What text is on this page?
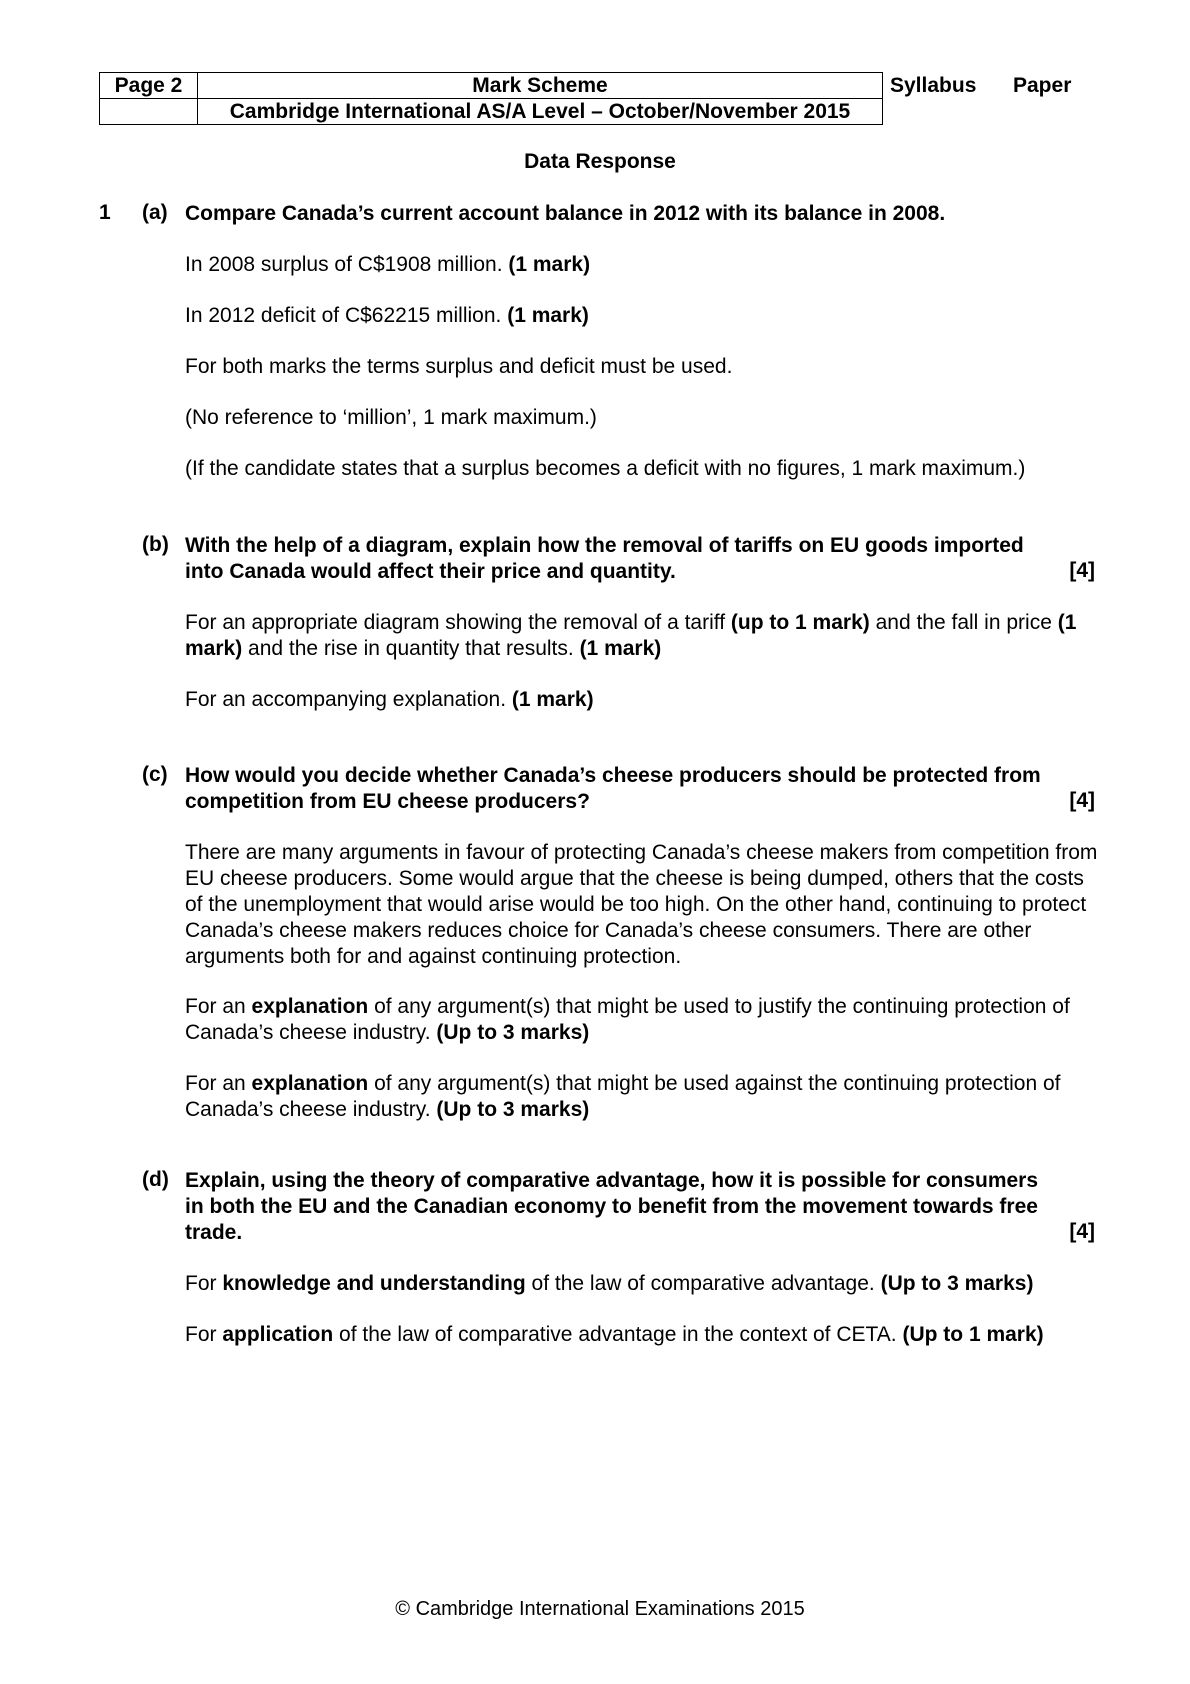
Page 2	Mark Scheme
	Cambridge International AS/A Level – October/November 2015
Syllabus Paper
Data Response
1 (a) Compare Canada’s current account balance in 2012 with its balance in 2008.
In 2008 surplus of C$1908 million. (1 mark)
In 2012 deficit of C$62215 million. (1 mark)
For both marks the terms surplus and deficit must be used.
(No reference to ‘million’, 1 mark maximum.)
(If the candidate states that a surplus becomes a deficit with no figures, 1 mark maximum.)
(b) With the help of a diagram, explain how the removal of tariffs on EU goods imported
into Canada would affect their price and quantity.	[4]
For an appropriate diagram showing the removal of a tariff (up to 1 mark) and the fall in price (1 mark) and the rise in quantity that results. (1 mark)
For an accompanying explanation. (1 mark)
(c) How would you decide whether Canada’s cheese producers should be protected from
competition from EU cheese producers?	[4]
There are many arguments in favour of protecting Canada’s cheese makers from competition from EU cheese producers. Some would argue that the cheese is being dumped, others that the costs of the unemployment that would arise would be too high. On the other hand, continuing to protect Canada’s cheese makers reduces choice for Canada’s cheese consumers. There are other arguments both for and against continuing protection.
For an explanation of any argument(s) that might be used to justify the continuing protection of Canada’s cheese industry. (Up to 3 marks)
For an explanation of any argument(s) that might be used against the continuing protection of Canada’s cheese industry. (Up to 3 marks)
(d) Explain, using the theory of comparative advantage, how it is possible for consumers
in both the EU and the Canadian economy to benefit from the movement towards free
trade.	[4]
For knowledge and understanding of the law of comparative advantage. (Up to 3 marks)
For application of the law of comparative advantage in the context of CETA. (Up to 1 mark)
© Cambridge International Examinations 2015
